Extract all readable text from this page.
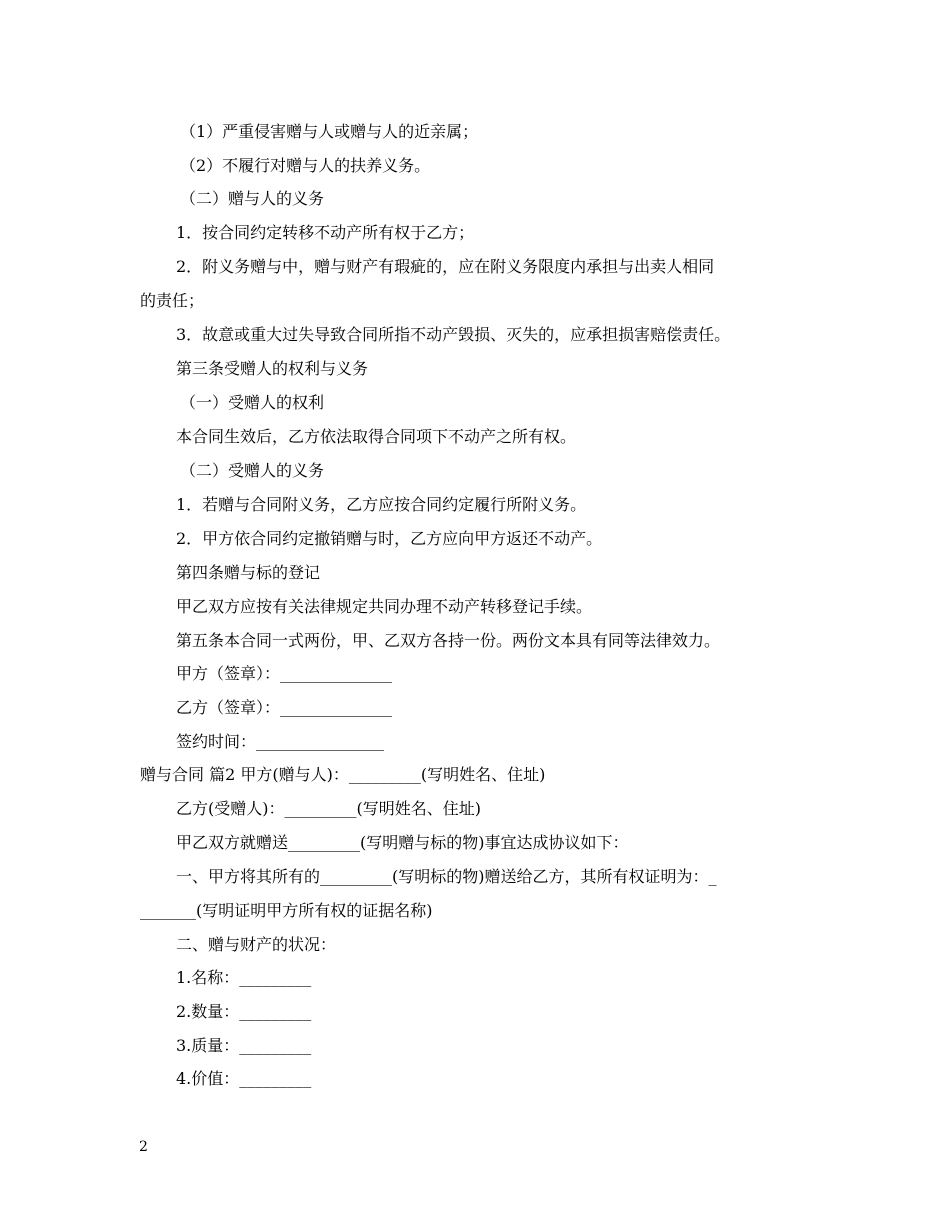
（1）严重侵害赠与人或赠与人的近亲属；
（2）不履行对赠与人的扶养义务。
（二）赠与人的义务
1．按合同约定转移不动产所有权于乙方；
2．附义务赠与中，赠与财产有瑕疵的，应在附义务限度内承担与出卖人相同
的责任；
3．故意或重大过失导致合同所指不动产毁损、灭失的，应承担损害赔偿责任。
第三条受赠人的权利与义务
（一）受赠人的权利
本合同生效后，乙方依法取得合同项下不动产之所有权。
（二）受赠人的义务
1．若赠与合同附义务，乙方应按合同约定履行所附义务。
2．甲方依合同约定撤销赠与时，乙方应向甲方返还不动产。
第四条赠与标的登记
甲乙双方应按有关法律规定共同办理不动产转移登记手续。
第五条本合同一式两份，甲、乙双方各持一份。两份文本具有同等法律效力。
甲方（签章）：______________
乙方（签章）：______________
签约时间：________________
赠与合同 篇2 甲方(赠与人)：_________(写明姓名、住址)
乙方(受赠人)：_________(写明姓名、住址)
甲乙双方就赠送_________(写明赠与标的物)事宜达成协议如下：
一、甲方将其所有的_________(写明标的物)赠送给乙方，其所有权证明为：_
_______(写明证明甲方所有权的证据名称)
二、赠与财产的状况：
1.名称：_________
2.数量：_________
3.质量：_________
4.价值：_________
2
